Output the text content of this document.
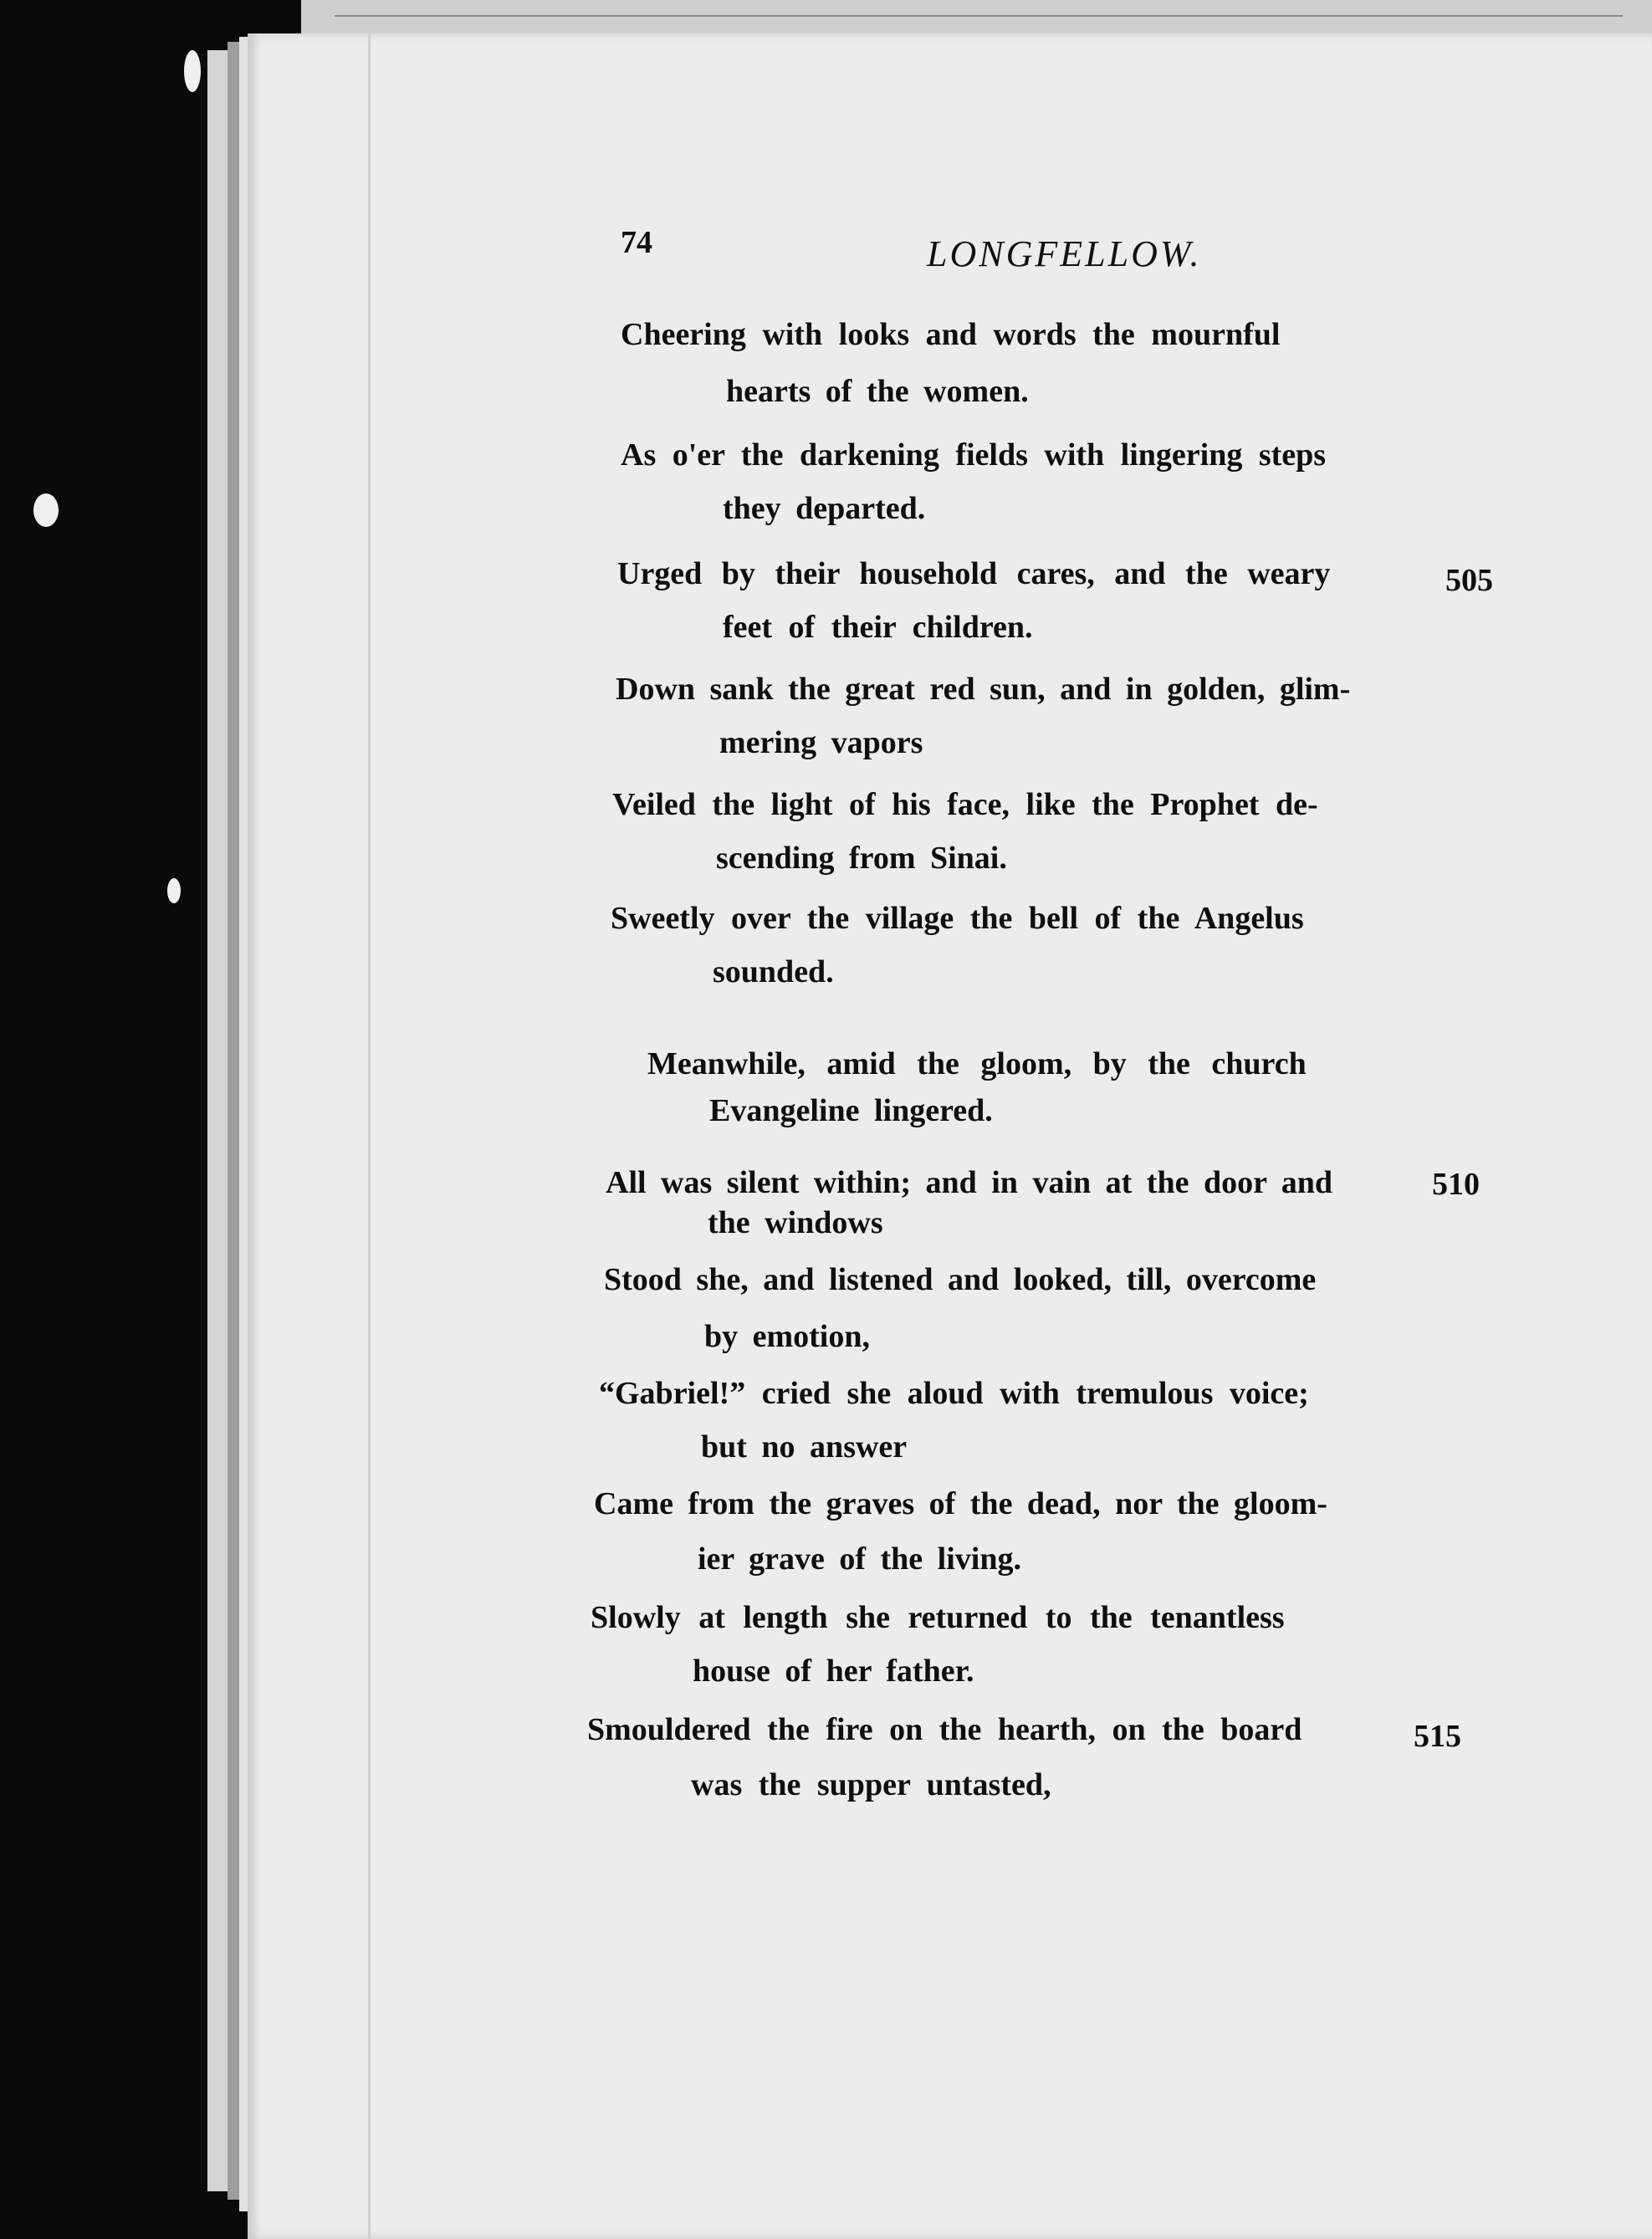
74	LONGFELLOW.
Cheering with looks and words the mournful
hearts of the women.
As o'er the darkening fields with lingering steps
they departed.
Urged by their household cares, and the weary	505
feet of their children.
Down sank the great red sun, and in golden, glim-
mering vapors
Veiled the light of his face, like the Prophet de-
scending from Sinai.
Sweetly over the village the bell of the Angelus
sounded.
Meanwhile, amid the gloom, by the church
Evangeline lingered.
All was silent within; and in vain at the door and	510
the windows
Stood she, and listened and looked, till, overcome
by emotion,
“Gabriel!” cried she aloud with tremulous voice;
but no answer
Came from the graves of the dead, nor the gloom-
ier grave of the living.
Slowly at length she returned to the tenantless
house of her father.
Smouldered the fire on the hearth, on the board	515
was the supper untasted,
